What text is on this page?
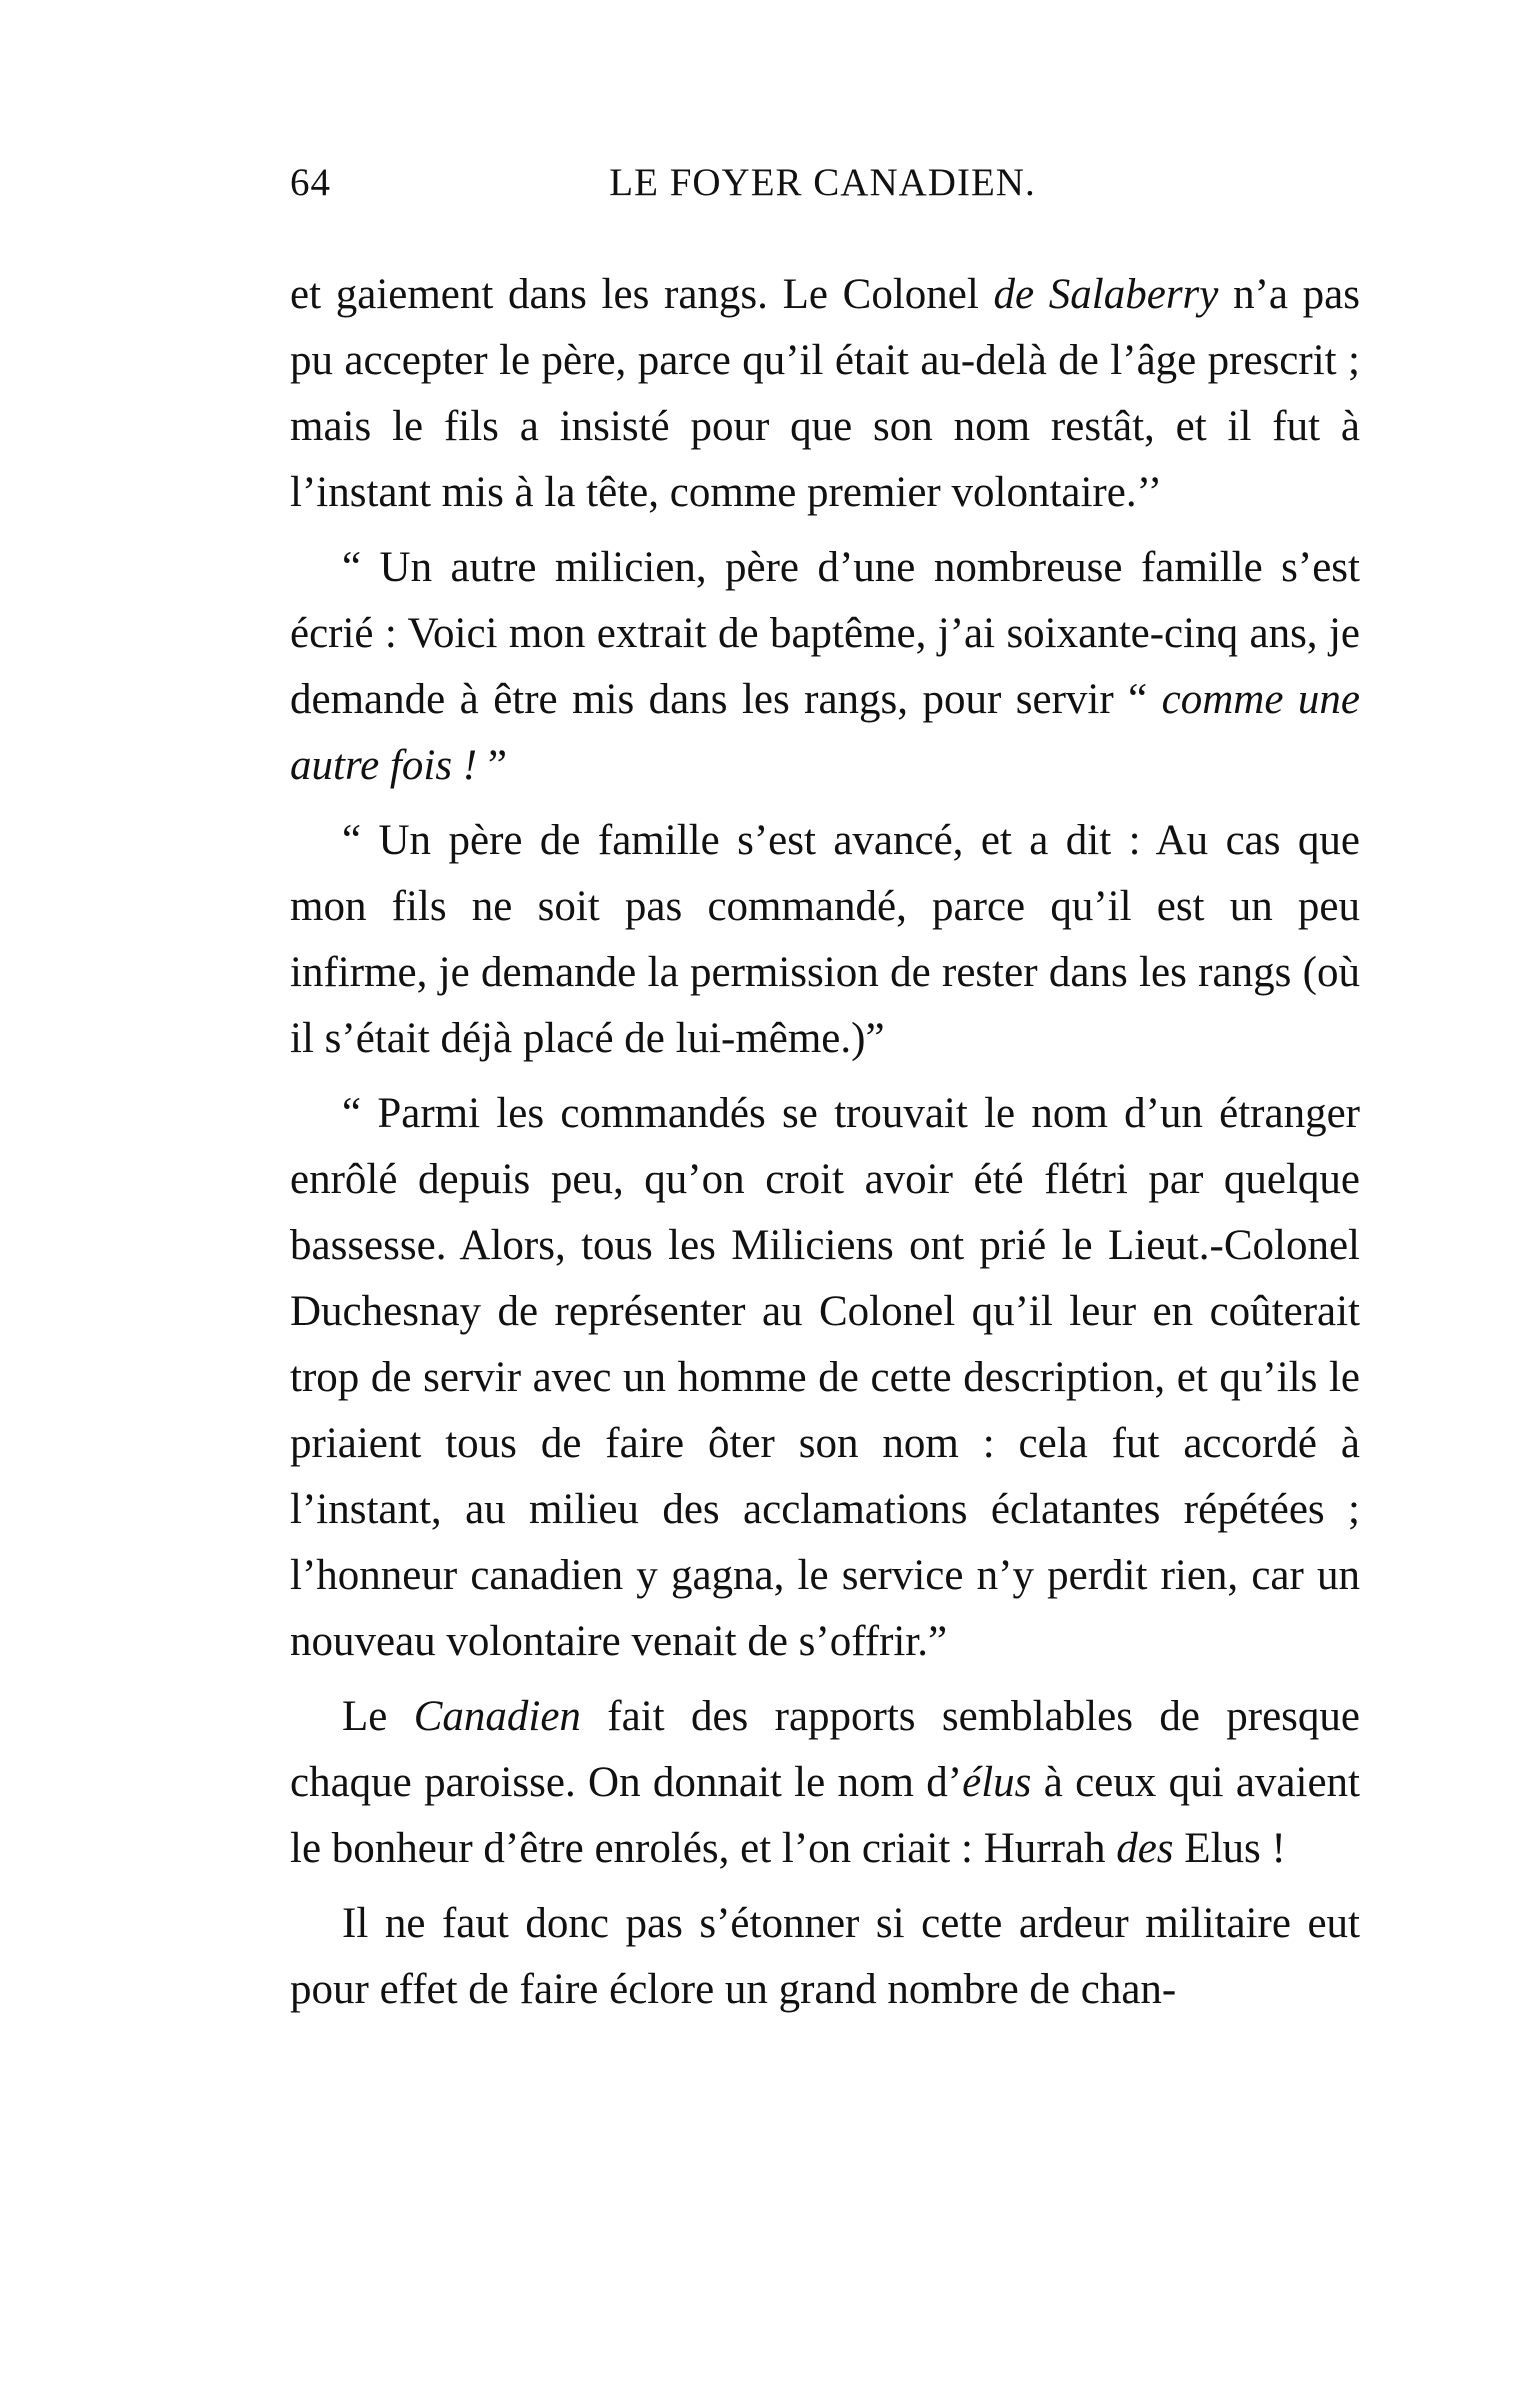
64	LE FOYER CANADIEN.

et gaiement dans les rangs. Le Colonel de Salaberry n’a pas pu accepter le père, parce qu’il était au-delà de l’âge prescrit ; mais le fils a insisté pour que son nom restât, et il fut à l’instant mis à la tête, comme premier volontaire.’’

“ Un autre milicien, père d’une nombreuse famille s’est écrié : Voici mon extrait de baptême, j’ai soixante-cinq ans, je demande à être mis dans les rangs, pour servir “ comme une autre fois ! ”

“ Un père de famille s’est avancé, et a dit : Au cas que mon fils ne soit pas commandé, parce qu’il est un peu infirme, je demande la permission de rester dans les rangs (où il s’était déjà placé de lui-même.)”

“ Parmi les commandés se trouvait le nom d’un étranger enrôlé depuis peu, qu’on croit avoir été flétri par quelque bassesse. Alors, tous les Miliciens ont prié le Lieut.-Colonel Duchesnay de représenter au Colonel qu’il leur en coûterait trop de servir avec un homme de cette description, et qu’ils le priaient tous de faire ôter son nom : cela fut accordé à l’instant, au milieu des acclamations éclatantes répétées ; l’honneur canadien y gagna, le service n’y perdit rien, car un nouveau volontaire venait de s’offrir.”

Le Canadien fait des rapports semblables de presque chaque paroisse. On donnait le nom d’élus à ceux qui avaient le bonheur d’être enrolés, et l’on criait : Hurrah des Elus !

Il ne faut donc pas s’étonner si cette ardeur militaire eut pour effet de faire éclore un grand nombre de chan-
